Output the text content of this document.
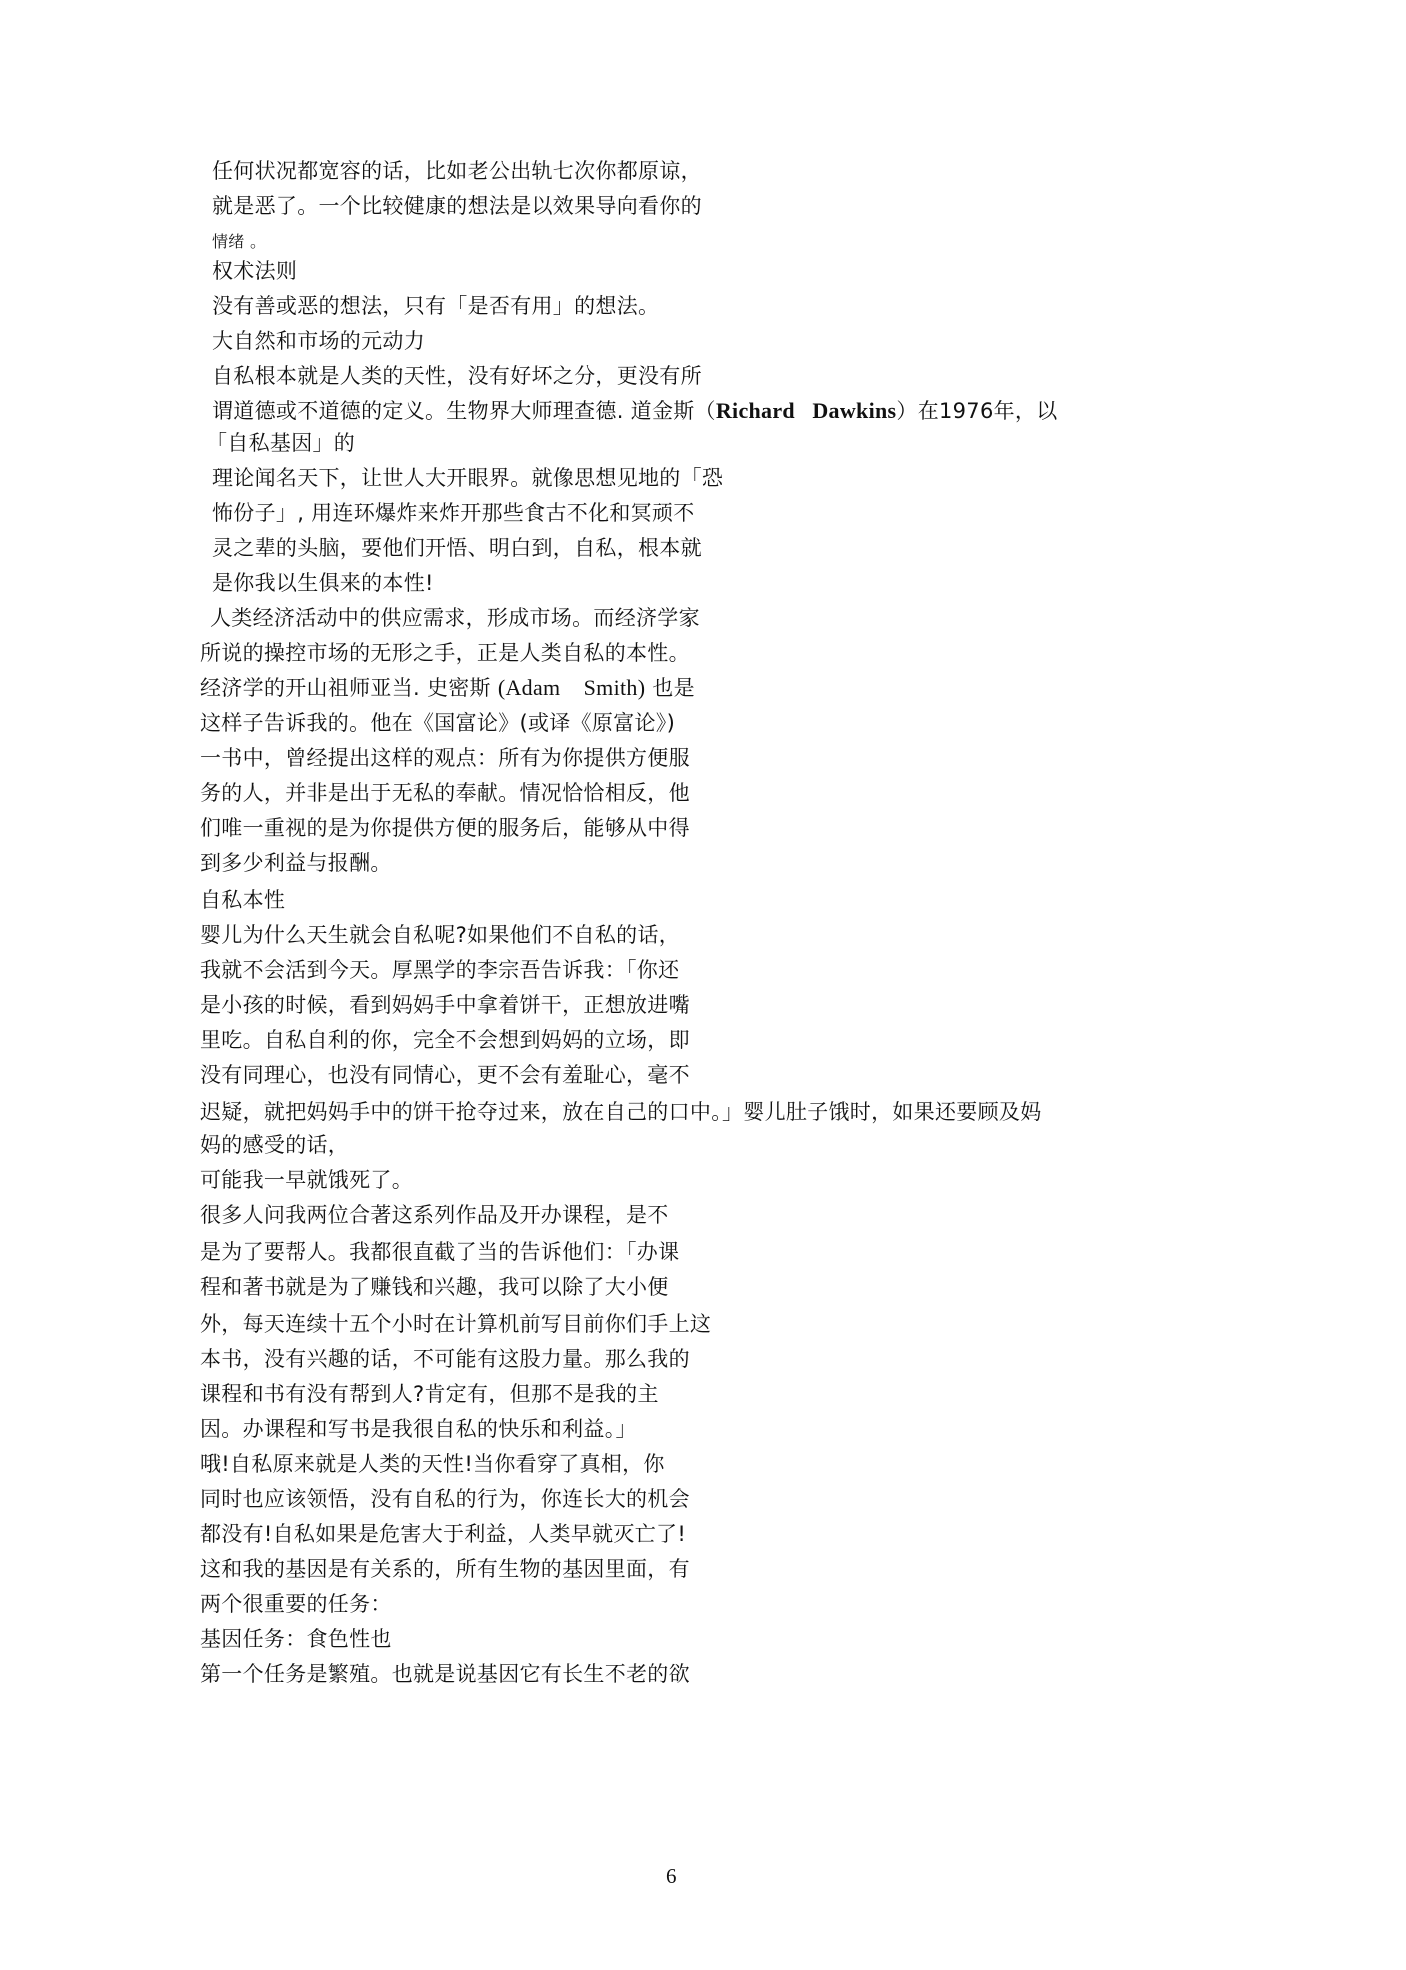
任何状况都宽容的话，比如老公出轨七次你都原谅，
就是恶了。一个比较健康的想法是以效果导向看你的
情绪 。
权术法则
没有善或恶的想法，只有「是否有用」的想法。
大自然和市场的元动力
自私根本就是人类的天性，没有好坏之分，更没有所
「自私基因」的
理论闻名天下，让世人大开眼界。就像思想见地的「恐
怖份子」, 用连环爆炸来炸开那些食古不化和冥顽不
灵之辈的头脑，要他们开悟、明白到，自私，根本就
是你我以生俱来的本性!
人类经济活动中的供应需求，形成市场。而经济学家
所说的操控市场的无形之手，正是人类自私的本性。
这样子告诉我的。他在《国富论》(或译《原富论》)
一书中，曾经提出这样的观点：所有为你提供方便服
务的人，并非是出于无私的奉献。情况恰恰相反，他
们唯一重视的是为你提供方便的服务后，能够从中得
到多少利益与报酬。
自私本性
婴儿为什么天生就会自私呢?如果他们不自私的话，
我就不会活到今天。厚黑学的李宗吾告诉我：「你还
是小孩的时候，看到妈妈手中拿着饼干，正想放进嘴
里吃。自私自利的你，完全不会想到妈妈的立场，即
没有同理心，也没有同情心，更不会有羞耻心，毫不
迟疑，就把妈妈手中的饼干抢夺过来，放在自己的口中。」婴儿肚子饿时，如果还要顾及妈
妈的感受的话，
可能我一早就饿死了。
很多人问我两位合著这系列作品及开办课程，是不
是为了要帮人。我都很直截了当的告诉他们：「办课
程和著书就是为了赚钱和兴趣，我可以除了大小便
外，每天连续十五个小时在计算机前写目前你们手上这
本书，没有兴趣的话，不可能有这股力量。那么我的
课程和书有没有帮到人?肯定有，但那不是我的主
因。办课程和写书是我很自私的快乐和利益。」
哦!自私原来就是人类的天性!当你看穿了真相，你
同时也应该领悟，没有自私的行为，你连长大的机会
都没有!自私如果是危害大于利益，人类早就灭亡了!
这和我的基因是有关系的，所有生物的基因里面，有
两个很重要的任务：
基因任务：食色性也
第一个任务是繁殖。也就是说基因它有长生不老的欲
谓道德或不道德的定义。生物界大师理查德. 道金斯（Richard   Dawkins）在1976年，以
经济学的开山祖师亚当. 史密斯 (Adam    Smith) 也是
6
